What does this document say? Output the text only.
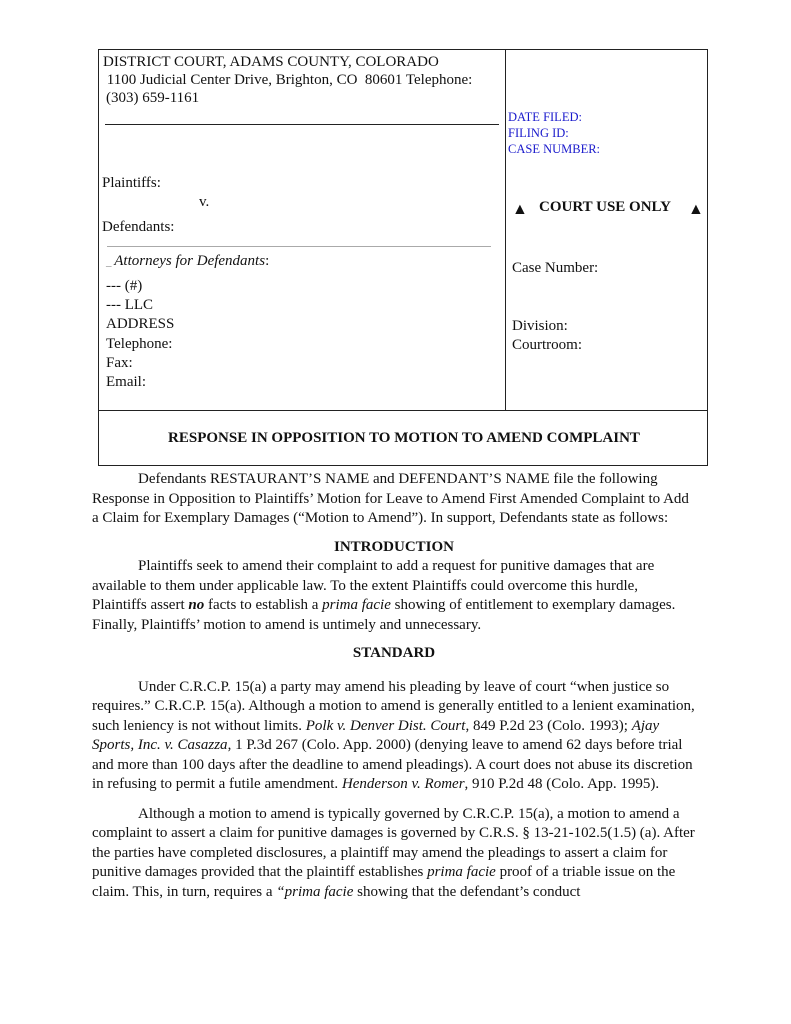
DISTRICT COURT, ADAMS COUNTY, COLORADO
1100 Judicial Center Drive, Brighton, CO  80601 Telephone:
(303) 659-1161
Plaintiffs:
v.
Defendants:
_ Attorneys for Defendants:
--- (#)
--- LLC
ADDRESS
Telephone:
Fax:
Email:
DATE FILED:
FILING ID:
CASE NUMBER:
▲ COURT USE ONLY ▲
Case Number:
Division:
Courtroom:
RESPONSE IN OPPOSITION TO MOTION TO AMEND COMPLAINT

Defendants RESTAURANT’S NAME and DEFENDANT’S NAME file the following Response in Opposition to Plaintiffs’ Motion for Leave to Amend First Amended Complaint to Add a Claim for Exemplary Damages (“Motion to Amend”). In support, Defendants state as follows:

INTRODUCTION

Plaintiffs seek to amend their complaint to add a request for punitive damages that are available to them under applicable law. To the extent Plaintiffs could overcome this hurdle, Plaintiffs assert no facts to establish a prima facie showing of entitlement to exemplary damages. Finally, Plaintiffs’ motion to amend is untimely and unnecessary.

STANDARD

Under C.R.C.P. 15(a) a party may amend his pleading by leave of court “when justice so requires.” C.R.C.P. 15(a). Although a motion to amend is generally entitled to a lenient examination, such leniency is not without limits. Polk v. Denver Dist. Court, 849 P.2d 23 (Colo. 1993); Ajay Sports, Inc. v. Casazza, 1 P.3d 267 (Colo. App. 2000) (denying leave to amend 62 days before trial and more than 100 days after the deadline to amend pleadings). A court does not abuse its discretion in refusing to permit a futile amendment. Henderson v. Romer, 910 P.2d 48 (Colo. App. 1995).

Although a motion to amend is typically governed by C.R.C.P. 15(a), a motion to amend a complaint to assert a claim for punitive damages is governed by C.R.S. § 13-21-102.5(1.5) (a). After the parties have completed disclosures, a plaintiff may amend the pleadings to assert a claim for punitive damages provided that the plaintiff establishes prima facie proof of a triable issue on the claim. This, in turn, requires a “prima facie showing that the defendant’s conduct
